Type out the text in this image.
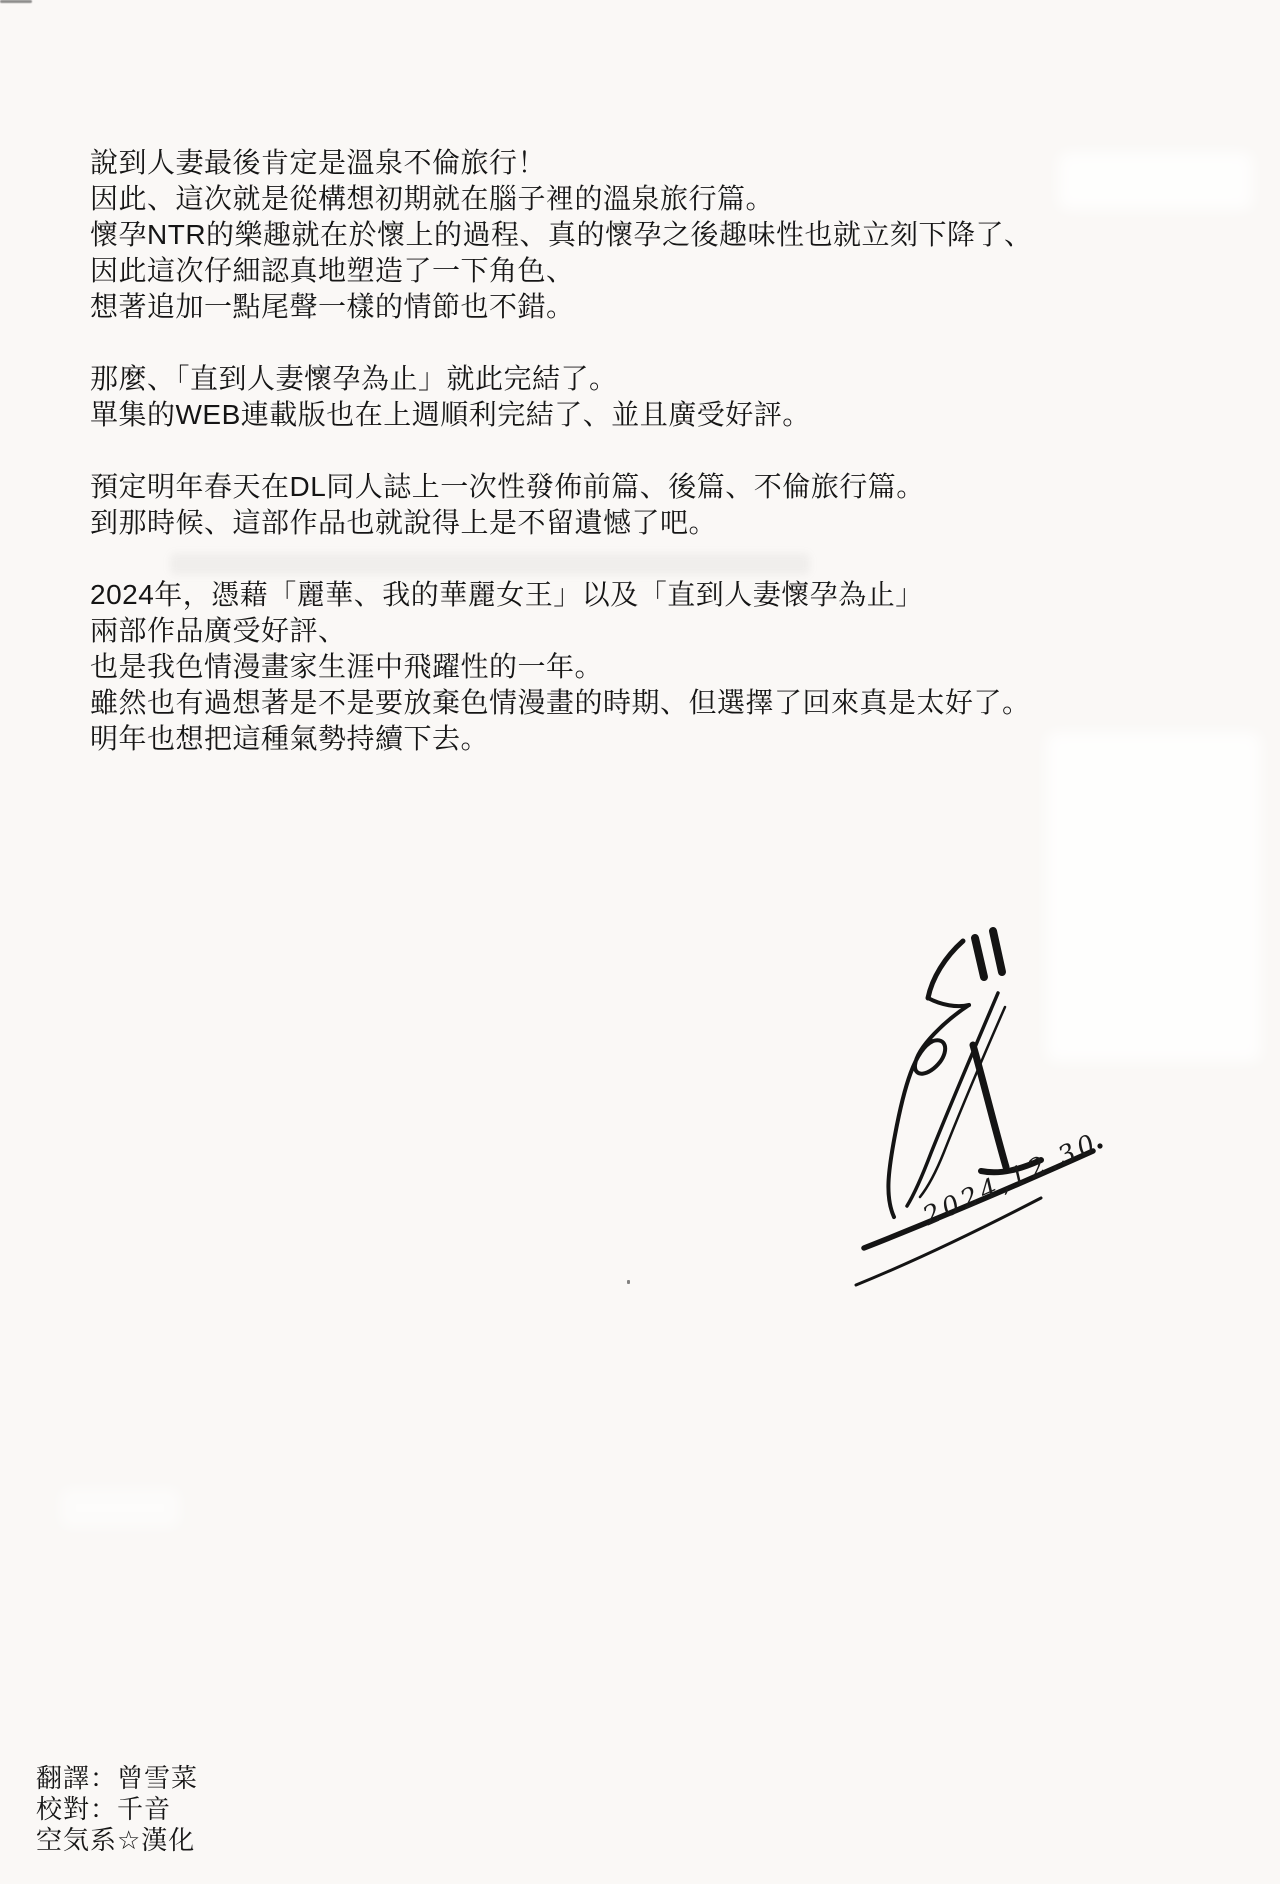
說到人妻最後肯定是溫泉不倫旅行！
因此、這次就是從構想初期就在腦子裡的溫泉旅行篇。
懷孕NTR的樂趣就在於懷上的過程、真的懷孕之後趣味性也就立刻下降了、
因此這次仔細認真地塑造了一下角色、
想著追加一點尾聲一樣的情節也不錯。
那麼、「直到人妻懷孕為止」就此完結了。
單集的WEB連載版也在上週順利完結了、並且廣受好評。
預定明年春天在DL同人誌上一次性發佈前篇、後篇、不倫旅行篇。
到那時候、這部作品也就說得上是不留遺憾了吧。
2024年，憑藉「麗華、我的華麗女王」以及「直到人妻懷孕為止」
兩部作品廣受好評、
也是我色情漫畫家生涯中飛躍性的一年。
雖然也有過想著是不是要放棄色情漫畫的時期、但選擇了回來真是太好了。
明年也想把這種氣勢持續下去。
2024,12.30
翻譯：曾雪菜
校對：千音
空気系☆漢化
